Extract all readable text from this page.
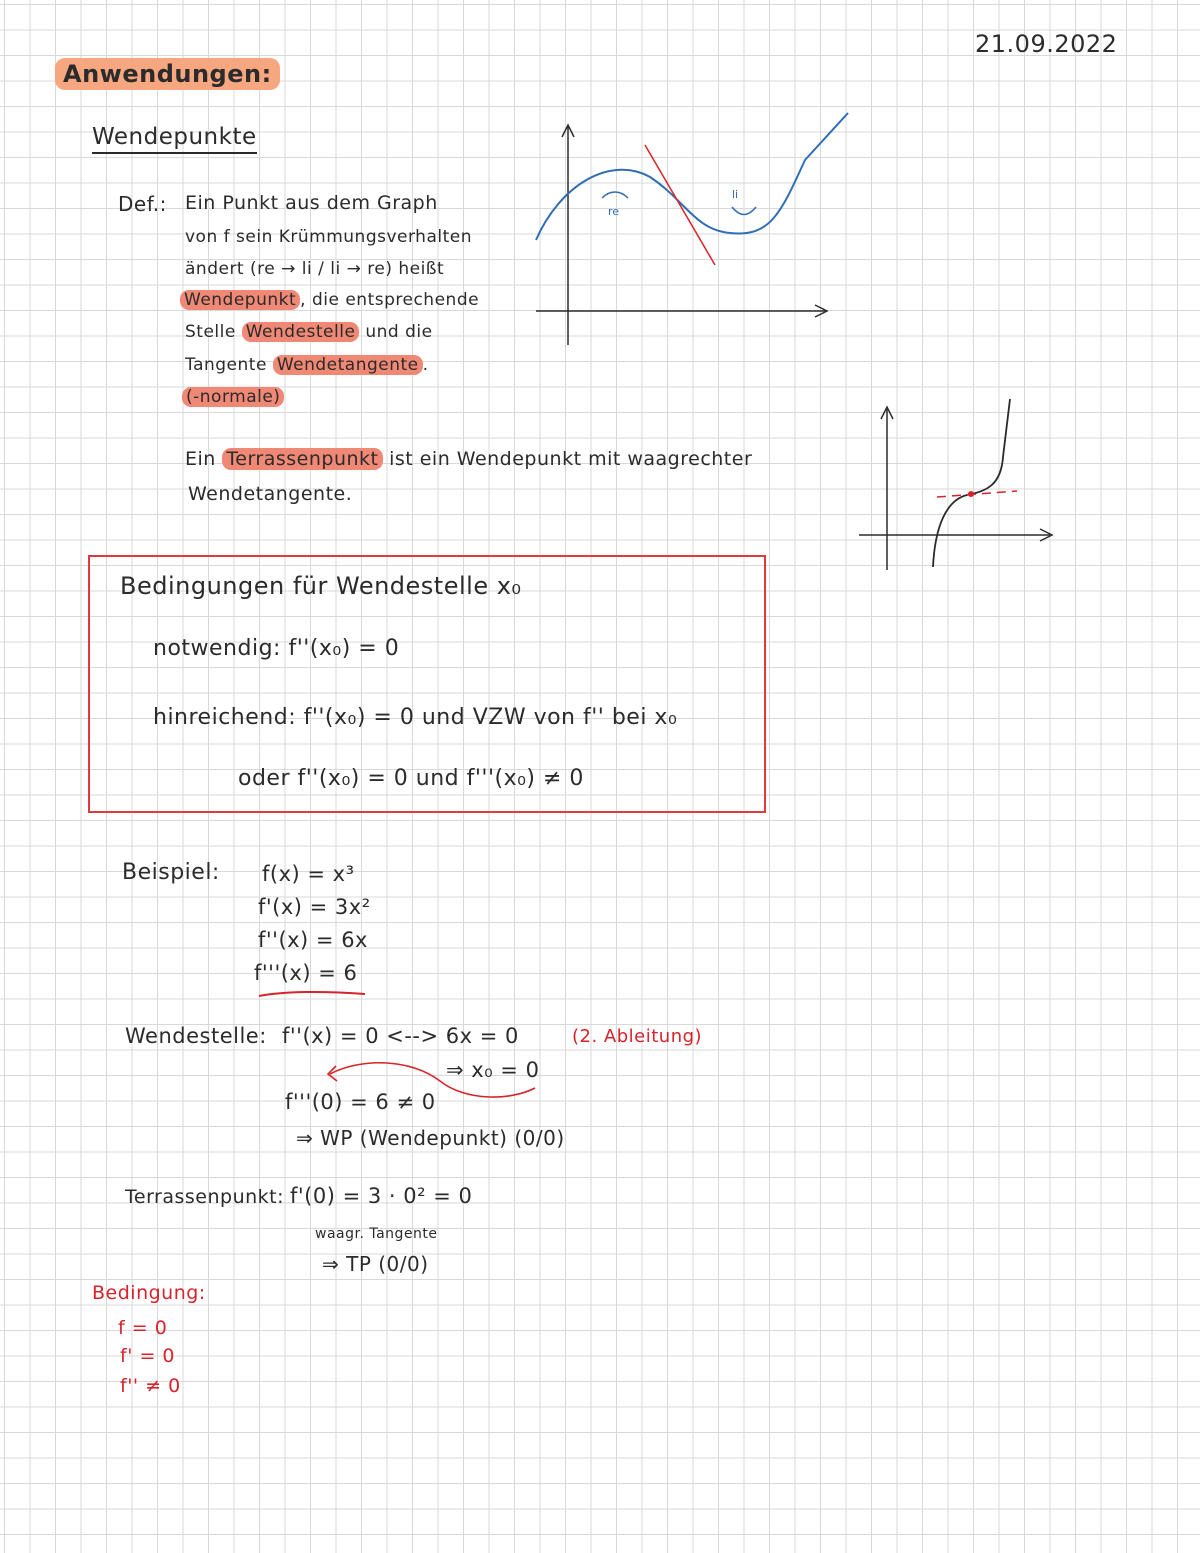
21.09.2022
Anwendungen:
Wendepunkte
Def.: Ein Punkt aus dem Graph
von f sein Krümmungsverhalten
ändert (re → li / li → re) heißt
Wendepunkt , die entsprechende
Stelle Wendestelle und die
Tangente Wendetangente .
(-normale)
re
li
Ein Terrassenpunkt ist ein Wendepunkt mit waagrechter
Wendetangente.
Bedingungen für Wendestelle x₀
notwendig: f''(x₀) = 0
hinreichend: f''(x₀) = 0 und VZW von f'' bei x₀
oder f''(x₀) = 0 und f'''(x₀) ≠ 0
Beispiel: f(x) = x³
f'(x) = 3x²
f''(x) = 6x
f'''(x) = 6
Wendestelle: f''(x) = 0 <--> 6x = 0	(2. Ableitung)
⇒ x₀ = 0
f'''(0) = 6 ≠ 0
⇒ WP (Wendepunkt) (0/0)
Terrassenpunkt: f'(0) = 3 · 0² = 0
waagr. Tangente
⇒ TP (0/0)
Bedingung:
f = 0
f' = 0
f'' ≠ 0
